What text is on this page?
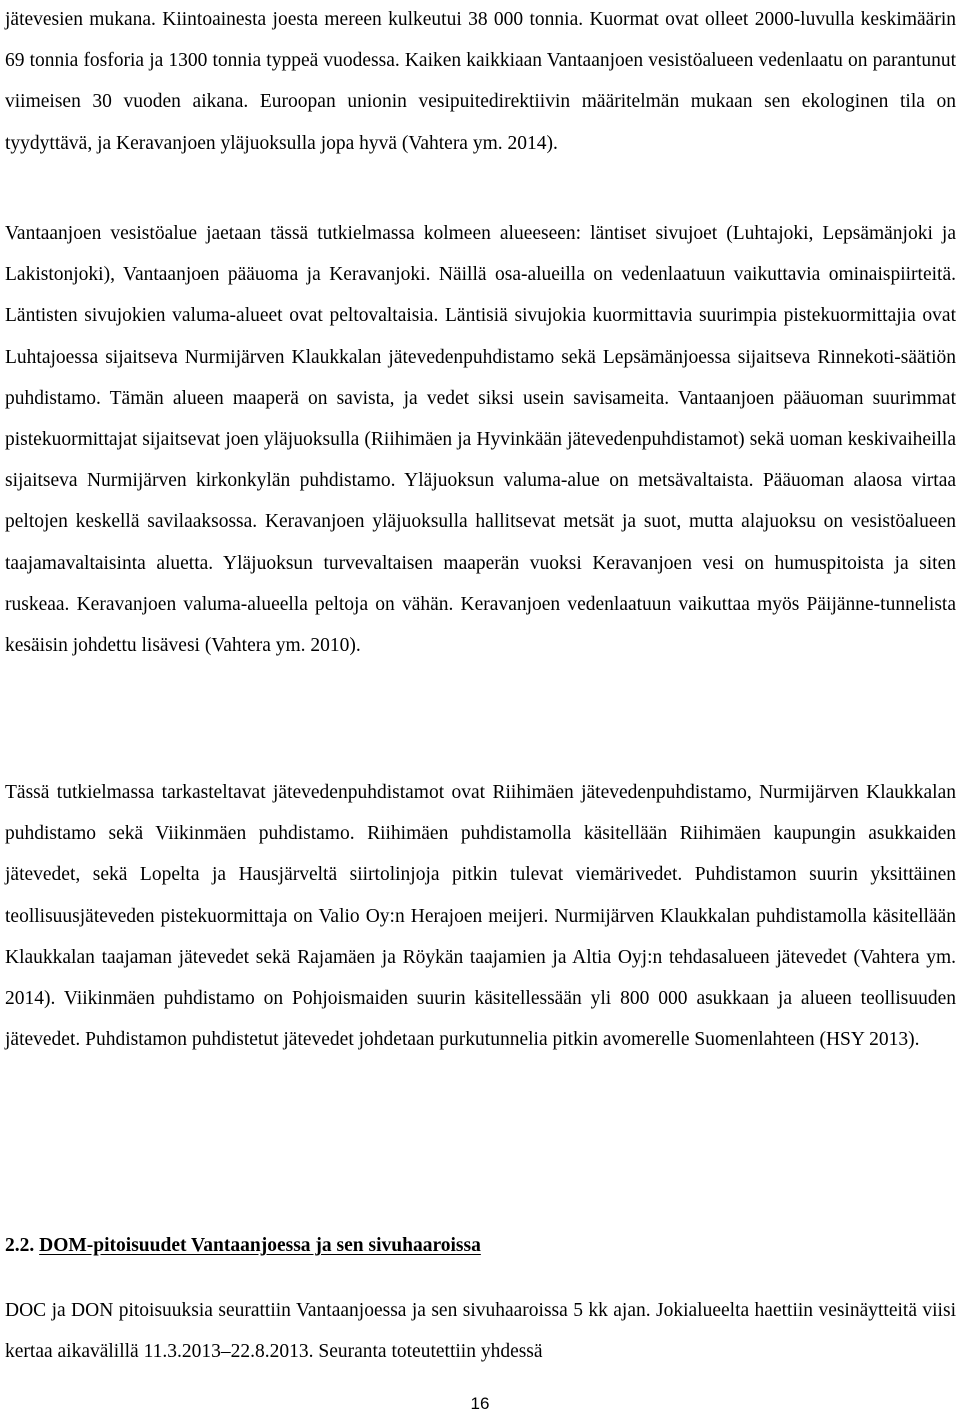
jätevesien mukana. Kiintoainesta joesta mereen kulkeutui 38 000 tonnia. Kuormat ovat olleet 2000-luvulla keskimäärin 69 tonnia fosforia ja 1300 tonnia typpeä vuodessa. Kaiken kaikkiaan Vantaanjoen vesistöalueen vedenlaatu on parantunut viimeisen 30 vuoden aikana. Euroopan unionin vesipuitedirektiivin määritelmän mukaan sen ekologinen tila on tyydyttävä, ja Keravanjoen yläjuoksulla jopa hyvä (Vahtera ym. 2014).

Vantaanjoen vesistöalue jaetaan tässä tutkielmassa kolmeen alueeseen: läntiset sivujoet (Luhtajoki, Lepsämänjoki ja Lakistonjoki), Vantaanjoen pääuoma ja Keravanjoki. Näillä osa-alueilla on vedenlaatuun vaikuttavia ominaispiirteitä. Läntisten sivujokien valuma-alueet ovat peltovaltaisia. Läntisiä sivujokia kuormittavia suurimpia pistekuormittajia ovat Luhtajoessa sijaitseva Nurmijärven Klaukkalan jätevedenpuhdistamo sekä Lepsämänjoessa sijaitseva Rinnekoti-säätiön puhdistamo. Tämän alueen maaperä on savista, ja vedet siksi usein savisameita. Vantaanjoen pääuoman suurimmat pistekuormittajat sijaitsevat joen yläjuoksulla (Riihimäen ja Hyvinkään jätevedenpuhdistamot) sekä uoman keskivaiheilla sijaitseva Nurmijärven kirkonkylän puhdistamo. Yläjuoksun valuma-alue on metsävaltaista. Pääuoman alaosa virtaa peltojen keskellä savilaaksossa. Keravanjoen yläjuoksulla hallitsevat metsät ja suot, mutta alajuoksu on vesistöalueen taajamavaltaisinta aluetta. Yläjuoksun turvevaltaisen maaperän vuoksi Keravanjoen vesi on humuspitoista ja siten ruskeaa. Keravanjoen valuma-alueella peltoja on vähän. Keravanjoen vedenlaatuun vaikuttaa myös Päijänne-tunnelista kesäisin johdettu lisävesi (Vahtera ym. 2010).

Tässä tutkielmassa tarkasteltavat jätevedenpuhdistamot ovat Riihimäen jätevedenpuhdistamo, Nurmijärven Klaukkalan puhdistamo sekä Viikinmäen puhdistamo. Riihimäen puhdistamolla käsitellään Riihimäen kaupungin asukkaiden jätevedet, sekä Lopelta ja Hausjärveltä siirtolinjoja pitkin tulevat viemärivedet. Puhdistamon suurin yksittäinen teollisuusjäteveden pistekuormittaja on Valio Oy:n Herajoen meijeri. Nurmijärven Klaukkalan puhdistamolla käsitellään Klaukkalan taajaman jätevedet sekä Rajamäen ja Röykän taajamien ja Altia Oyj:n tehdasalueen jätevedet (Vahtera ym. 2014). Viikinmäen puhdistamo on Pohjoismaiden suurin käsitellessään yli 800 000 asukkaan ja alueen teollisuuden jätevedet. Puhdistamon puhdistetut jätevedet johdetaan purkutunnelia pitkin avomerelle Suomenlahteen (HSY 2013).

2.2. DOM-pitoisuudet Vantaanjoessa ja sen sivuhaaroissa

DOC ja DON pitoisuuksia seurattiin Vantaanjoessa ja sen sivuhaaroissa 5 kk ajan. Jokialueelta haettiin vesinäytteitä viisi kertaa aikavälillä 11.3.2013–22.8.2013. Seuranta toteutettiin yhdessä

16
